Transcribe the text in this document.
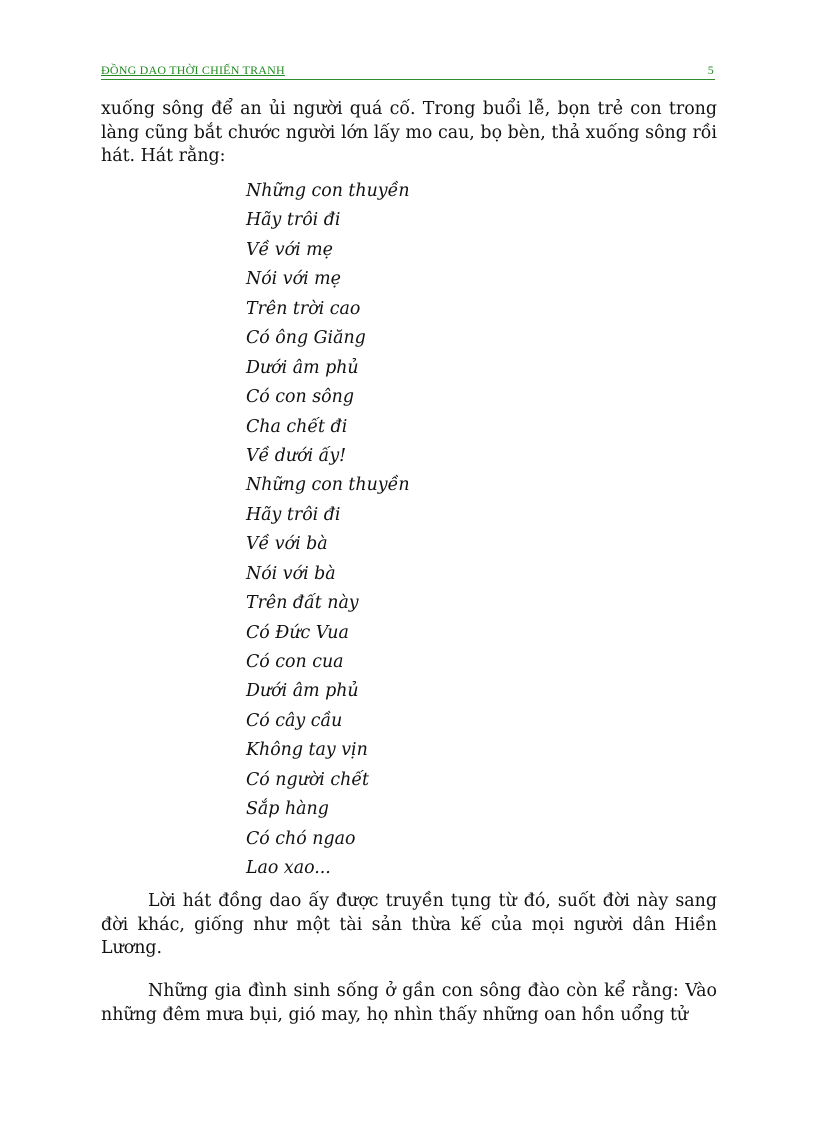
ĐỒNG DAO THỜI CHIẾN TRANH	5

xuống sông để an ủi người quá cố. Trong buổi lễ, bọn trẻ con trong làng cũng bắt chước người lớn lấy mo cau, bọ bèn, thả xuống sông rồi hát. Hát rằng:

Những con thuyền
Hãy trôi đi
Về với mẹ
Nói với mẹ
Trên trời cao
Có ông Giăng
Dưới âm phủ
Có con sông
Cha chết đi
Về dưới ấy!
Những con thuyền
Hãy trôi đi
Về với bà
Nói với bà
Trên đất này
Có Đức Vua
Có con cua
Dưới âm phủ
Có cây cầu
Không tay vịn
Có người chết
Sắp hàng
Có chó ngao
Lao xao...

Lời hát đồng dao ấy được truyền tụng từ đó, suốt đời này sang đời khác, giống như một tài sản thừa kế của mọi người dân Hiền Lương.

Những gia đình sinh sống ở gần con sông đào còn kể rằng: Vào những đêm mưa bụi, gió may, họ nhìn thấy những oan hồn uổng tử
